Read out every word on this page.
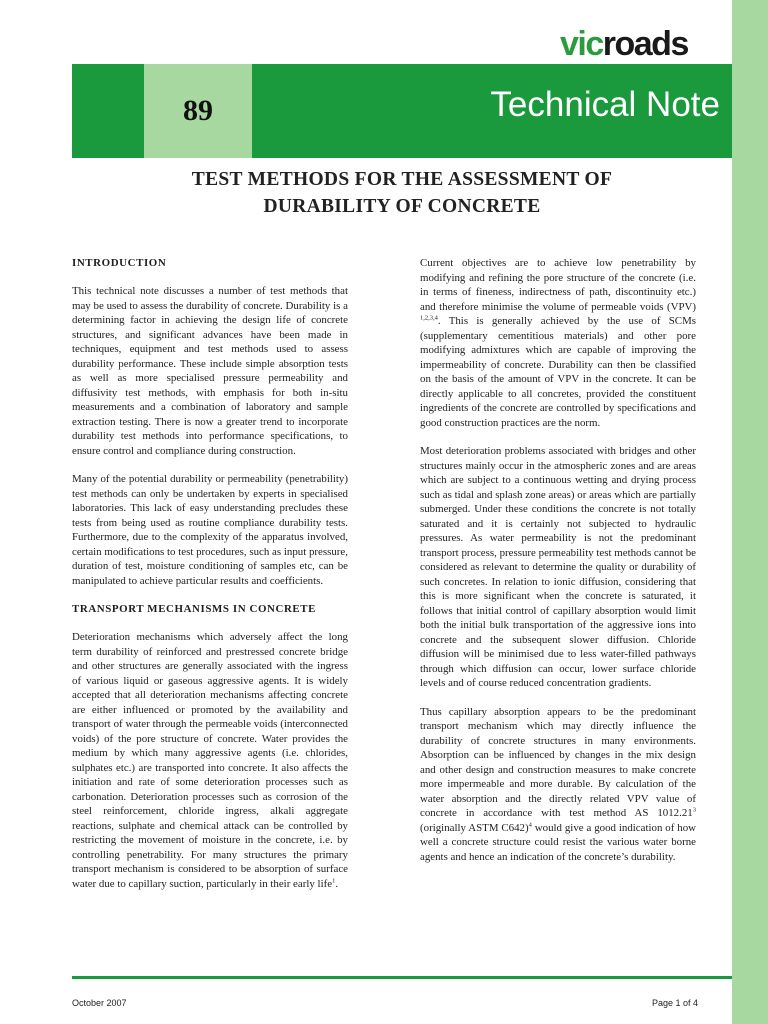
vicroads
89	Technical Note
TEST METHODS FOR THE ASSESSMENT OF
DURABILITY OF CONCRETE
INTRODUCTION

This technical note discusses a number of test methods that may be used to assess the durability of concrete. Durability is a determining factor in achieving the design life of concrete structures, and significant advances have been made in techniques, equipment and test methods used to assess durability performance. These include simple absorption tests as well as more specialised pressure permeability and diffusivity test methods, with emphasis for both in-situ measurements and a combination of laboratory and sample extraction testing. There is now a greater trend to incorporate durability test methods into performance specifications, to ensure control and compliance during construction.

Many of the potential durability or permeability (penetrability) test methods can only be undertaken by experts in specialised laboratories. This lack of easy understanding precludes these tests from being used as routine compliance durability tests. Furthermore, due to the complexity of the apparatus involved, certain modifications to test procedures, such as input pressure, duration of test, moisture conditioning of samples etc, can be manipulated to achieve particular results and coefficients.

TRANSPORT MECHANISMS IN CONCRETE

Deterioration mechanisms which adversely affect the long term durability of reinforced and prestressed concrete bridge and other structures are generally associated with the ingress of various liquid or gaseous aggressive agents. It is widely accepted that all deterioration mechanisms affecting concrete are either influenced or promoted by the availability and transport of water through the permeable voids (interconnected voids) of the pore structure of concrete. Water provides the medium by which many aggressive agents (i.e. chlorides, sulphates etc.) are transported into concrete. It also affects the initiation and rate of some deterioration processes such as carbonation. Deterioration processes such as corrosion of the steel reinforcement, chloride ingress, alkali aggregate reactions, sulphate and chemical attack can be controlled by restricting the movement of moisture in the concrete, i.e. by controlling penetrability. For many structures the primary transport mechanism is considered to be absorption of surface water due to capillary suction, particularly in their early life$^1$.

Current objectives are to achieve low penetrability by modifying and refining the pore structure of the concrete (i.e. in terms of fineness, indirectness of path, discontinuity etc.) and therefore minimise the volume of permeable voids (VPV) $^{1,2,3,4}$. This is generally achieved by the use of SCMs (supplementary cementitious materials) and other pore modifying admixtures which are capable of improving the impermeability of concrete. Durability can then be classified on the basis of the amount of VPV in the concrete. It can be directly applicable to all concretes, provided the constituent ingredients of the concrete are controlled by specifications and good construction practices are the norm.

Most deterioration problems associated with bridges and other structures mainly occur in the atmospheric zones and are areas which are subject to a continuous wetting and drying process such as tidal and splash zone areas) or areas which are partially submerged. Under these conditions the concrete is not totally saturated and it is certainly not subjected to hydraulic pressures. As water permeability is not the predominant transport process, pressure permeability test methods cannot be considered as relevant to determine the quality or durability of such concretes. In relation to ionic diffusion, considering that this is more significant when the concrete is saturated, it follows that initial control of capillary absorption would limit both the initial bulk transportation of the aggressive ions into concrete and the subsequent slower diffusion. Chloride diffusion will be minimised due to less water-filled pathways through which diffusion can occur, lower surface chloride levels and of course reduced concentration gradients.

Thus capillary absorption appears to be the predominant transport mechanism which may directly influence the durability of concrete structures in many environments. Absorption can be influenced by changes in the mix design and other design and construction measures to make concrete more impermeable and more durable. By calculation of the water absorption and the directly related VPV value of concrete in accordance with test method AS 1012.21$^3$ (originally ASTM C642)$^4$ would give a good indication of how well a concrete structure could resist the various water borne agents and hence an indication of the concrete’s durability.

October 2007	Page 1 of 4
